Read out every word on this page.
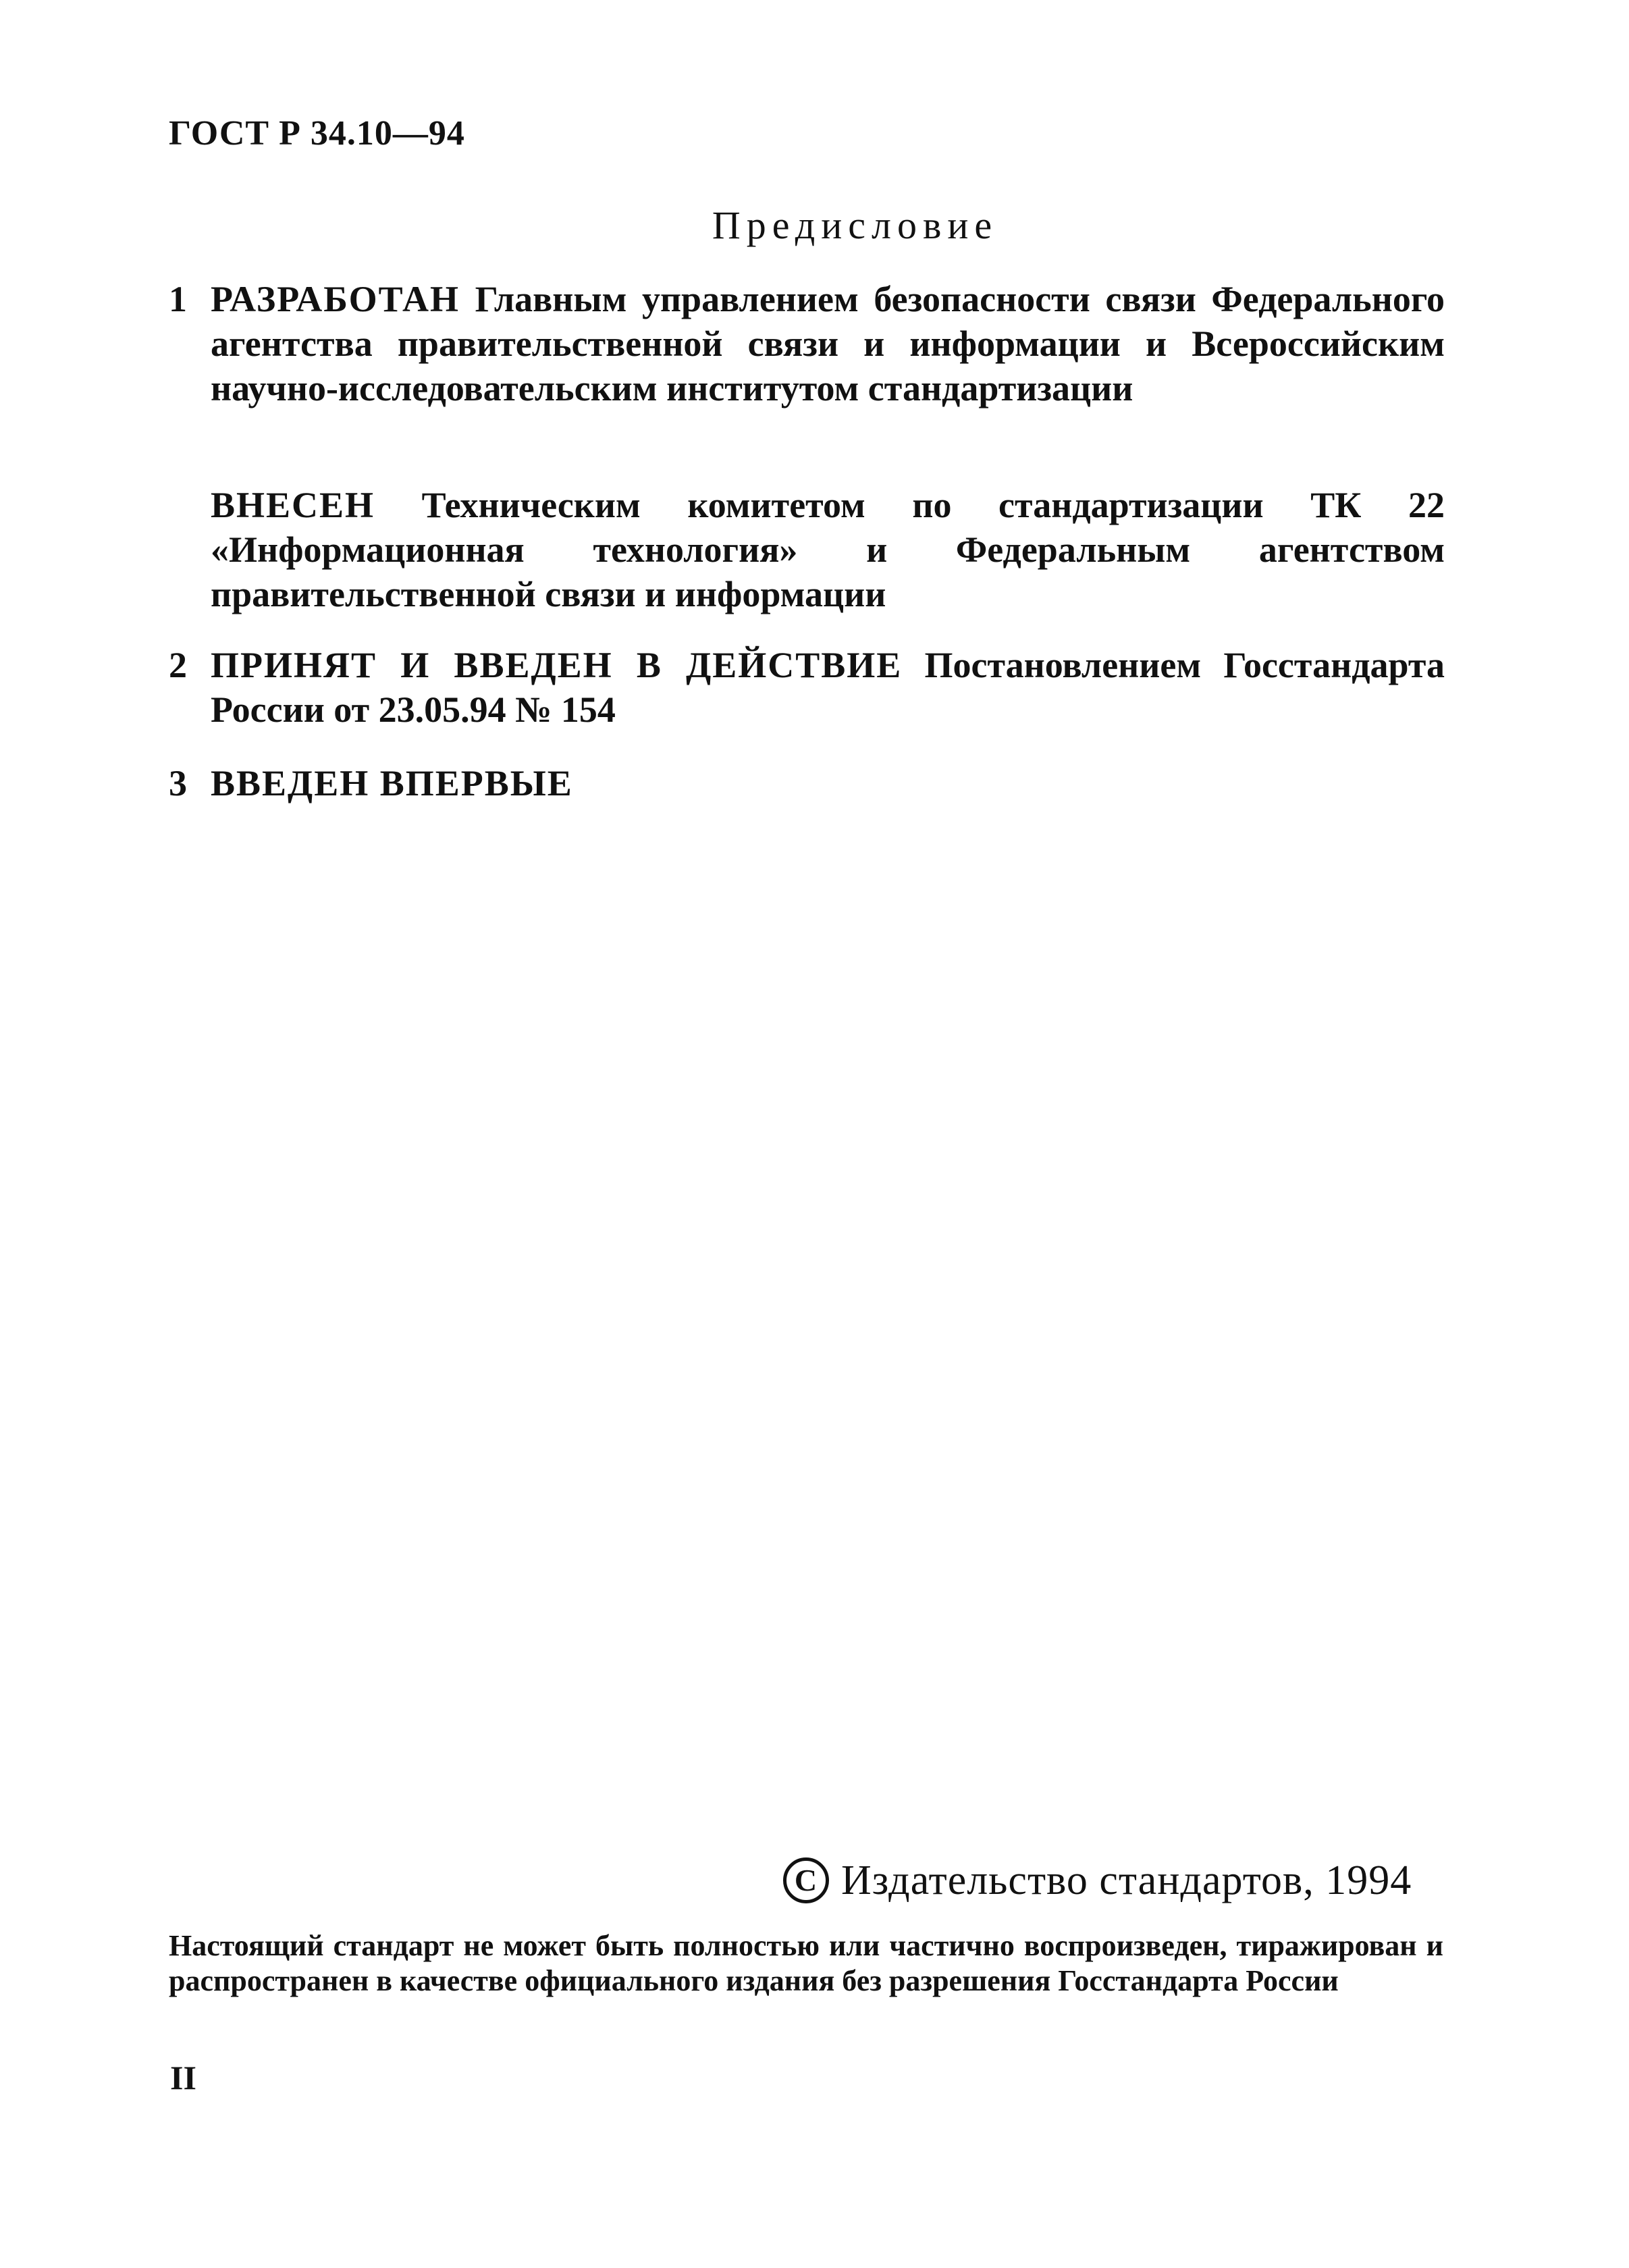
ГОСТ Р 34.10—94
Предисловие
1 РАЗРАБОТАН Главным управлением безопасности связи Федерального агентства правительственной связи и информации и Всероссийским научно-исследовательским институтом стандартизации
ВНЕСЕН Техническим комитетом по стандартизации ТК 22 «Информационная технология» и Федеральным агентством правительственной связи и информации
2 ПРИНЯТ И ВВЕДЕН В ДЕЙСТВИЕ Постановлением Госстандарта России от 23.05.94 № 154
3 ВВЕДЕН ВПЕРВЫЕ
C Издательство стандартов, 1994
Настоящий стандарт не может быть полностью или частично воспроизведен, тиражирован и распространен в качестве официального издания без разрешения Госстандарта России
II
